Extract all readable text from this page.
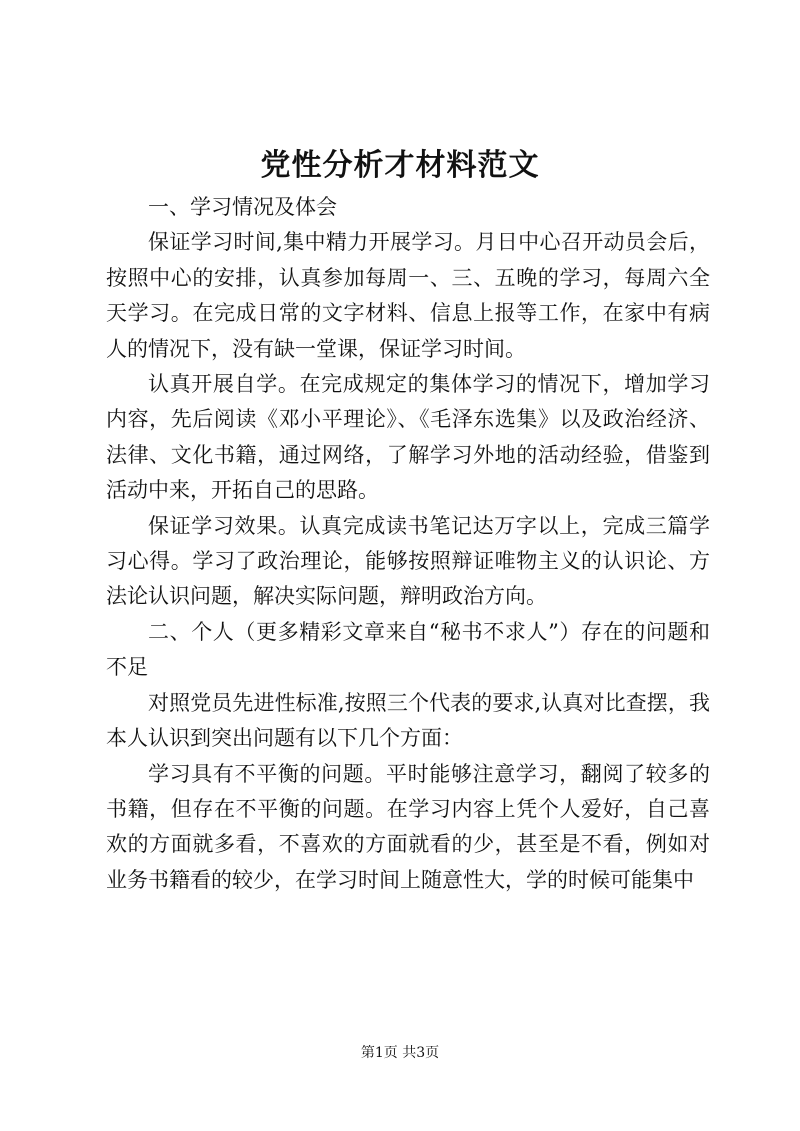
党性分析才材料范文

一、学习情况及体会

保证学习时间,集中精力开展学习。月日中心召开动员会后，按照中心的安排，认真参加每周一、三、五晚的学习，每周六全天学习。在完成日常的文字材料、信息上报等工作，在家中有病人的情况下，没有缺一堂课，保证学习时间。

认真开展自学。在完成规定的集体学习的情况下，增加学习内容，先后阅读《邓小平理论》、《毛泽东选集》以及政治经济、法律、文化书籍，通过网络，了解学习外地的活动经验，借鉴到活动中来，开拓自己的思路。

保证学习效果。认真完成读书笔记达万字以上，完成三篇学习心得。学习了政治理论，能够按照辩证唯物主义的认识论、方法论认识问题，解决实际问题，辩明政治方向。

二、个人（更多精彩文章来自“秘书不求人”）存在的问题和不足

对照党员先进性标准,按照三个代表的要求,认真对比查摆，我本人认识到突出问题有以下几个方面：

学习具有不平衡的问题。平时能够注意学习，翻阅了较多的书籍，但存在不平衡的问题。在学习内容上凭个人爱好，自己喜欢的方面就多看，不喜欢的方面就看的少，甚至是不看，例如对业务书籍看的较少，在学习时间上随意性大，学的时候可能集中

第1页 共3页
